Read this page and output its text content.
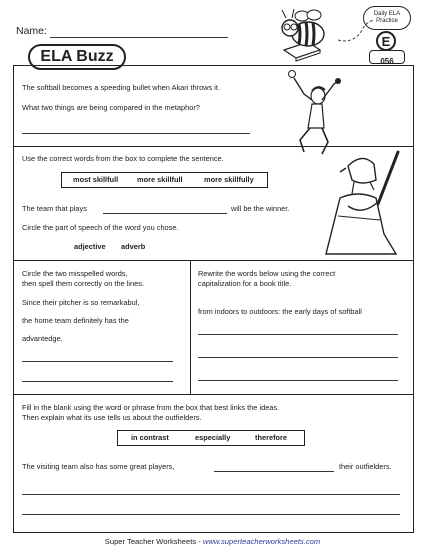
Name:
ELA Buzz
Daily ELA Practice
E
056
The softball becomes a speeding bullet when Akari throws it.
What two things are being compared in the metaphor?
Use the correct words from the box to complete the sentence.
most skillfull	more skillfull	more skillfully
The team that plays	will be the winner.
Circle the part of speech of the word you chose.
adjective adverb
Circle the two misspelled words,
then spell them correctly on the lines.
Since their pitcher is so remarkabul,
the home team definitely has the
advantedge.
Rewrite the words below using the correct
capitalization for a book title.
from indoors to outdoors: the early days of softball
Fill in the blank using the word or phrase from the box that best links the ideas.
Then explain what its use tells us about the outfielders.
in contrast	especially	therefore
The visiting team also has some great players,	their outfielders.
Super Teacher Worksheets - www.superteacherworksheets.com
